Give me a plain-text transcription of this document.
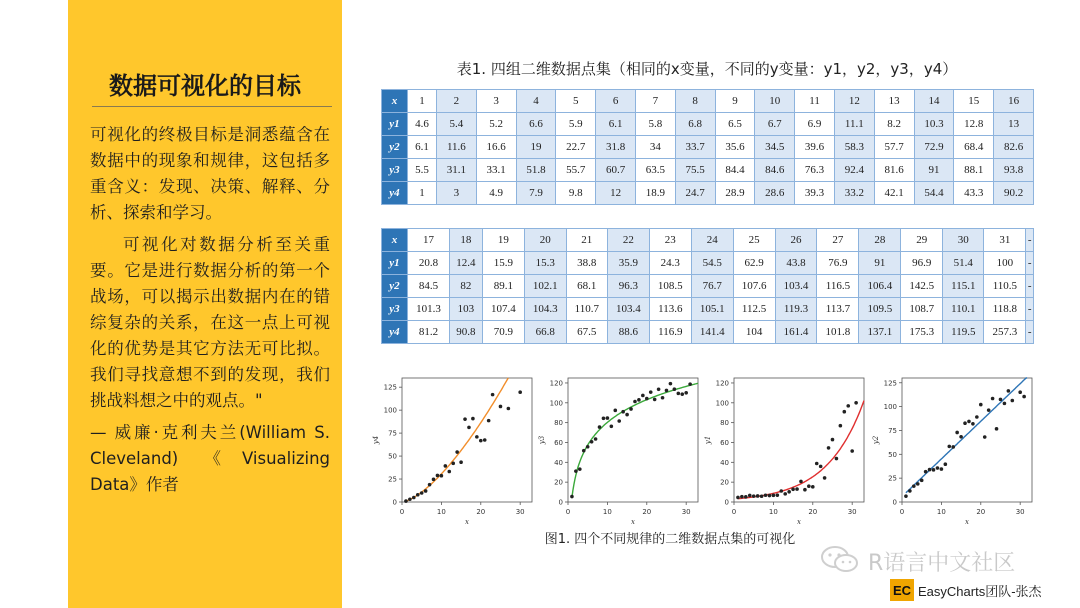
数据可视化的目标

可视化的终极目标是洞悉蕴含在数据中的现象和规律，这包括多重含义：发现、决策、解释、分析、探索和学习。

可视化对数据分析至关重要。它是进行数据分析的第一个战场，可以揭示出数据内在的错综复杂的关系，在这一点上可视化的优势是其它方法无可比拟。 我们寻找意想不到的发现，我们挑战料想之中的观点。"

— 威廉·克利夫兰(William S. Cleveland) 《Visualizing Data》作者

表1. 四组二维数据点集（相同的x变量，不同的y变量：y1，y2，y3，y4）
x	1	2	3	4	5	6	7	8	9	10	11	12	13	14	15	16
y1	4.6	5.4	5.2	6.6	5.9	6.1	5.8	6.8	6.5	6.7	6.9	11.1	8.2	10.3	12.8	13
y2	6.1	11.6	16.6	19	22.7	31.8	34	33.7	35.6	34.5	39.6	58.3	57.7	72.9	68.4	82.6
y3	5.5	31.1	33.1	51.8	55.7	60.7	63.5	75.5	84.4	84.6	76.3	92.4	81.6	91	88.1	93.8
y4	1	3	4.9	7.9	9.8	12	18.9	24.7	28.9	28.6	39.3	33.2	42.1	54.4	43.3	90.2
x	17	18	19	20	21	22	23	24	25	26	27	28	29	30	31	-
y1	20.8	12.4	15.9	15.3	38.8	35.9	24.3	54.5	62.9	43.8	76.9	91	96.9	51.4	100	-
y2	84.5	82	89.1	102.1	68.1	96.3	108.5	76.7	107.6	103.4	116.5	106.4	142.5	115.1	110.5	-
y3	101.3	103	107.4	104.3	110.7	103.4	113.6	105.1	112.5	119.3	113.7	109.5	108.7	110.1	118.8	-
y4	81.2	90.8	70.9	66.8	67.5	88.6	116.9	141.4	104	161.4	101.8	137.1	175.3	119.5	257.3	-
0	10	20	30
0
25
50
75
100
125
x
y4
0	10	20	30
0
20
40
60
80
100
120
x
y3
0	10	20	30
0
20
40
60
80
100
120
x
y1
0	10	20	30
0
25
50
75
100
125
x
y2
图1. 四个不同规律的二维数据点集的可视化
R语言中文社区
EC EasyCharts团队-张杰
